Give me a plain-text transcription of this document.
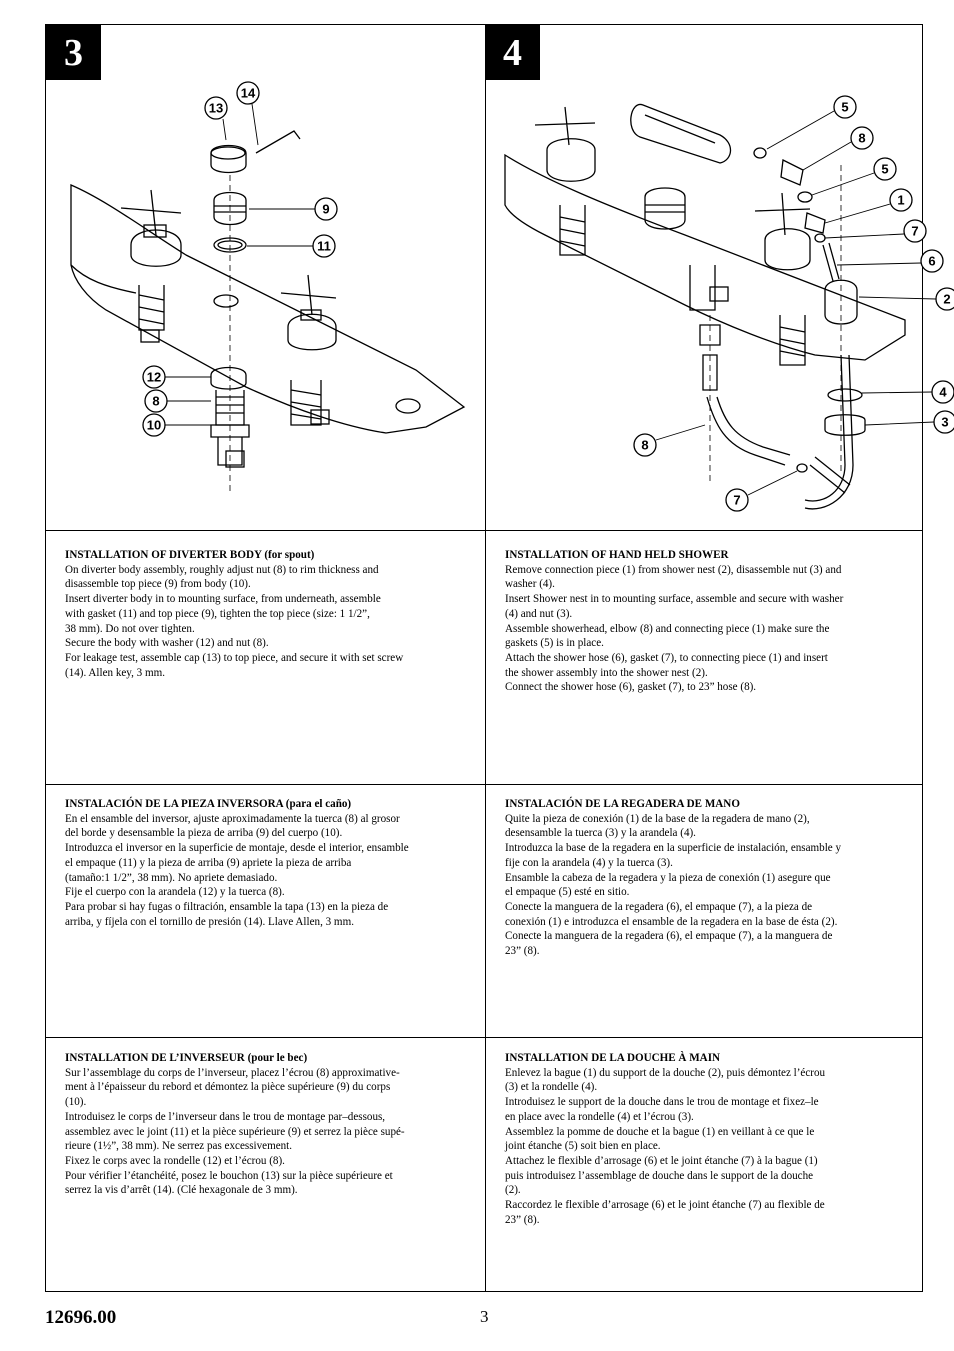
3	4
14
13
9
11
12
8
10
5
8
5
1
7
6
2
4
3
8
7

INSTALLATION OF DIVERTER BODY (for spout)

On diverter body assembly, roughly adjust nut (8) to rim thickness and

disassemble top piece (9) from body (10).

Insert diverter body in to mounting surface, from underneath, assemble

with gasket (11) and top piece (9), tighten the top piece (size: 1 1/2”,

38 mm). Do not over tighten.

Secure the body with washer (12) and nut (8).

For leakage test, assemble cap (13) to top piece, and secure it with set screw

(14). Allen key, 3 mm.

INSTALLATION OF HAND HELD SHOWER

Remove connection piece (1) from shower nest (2), disassemble nut (3) and

washer (4).

Insert Shower nest in to mounting surface, assemble and secure with washer

(4) and nut (3).

Assemble showerhead, elbow (8) and connecting piece (1) make sure the

gaskets (5) is in place.

Attach the shower hose (6), gasket (7), to connecting piece (1) and insert

the shower assembly into the shower nest (2).

Connect the shower hose (6), gasket (7), to 23” hose (8).

INSTALACIÓN DE LA PIEZA INVERSORA (para el caño)

En el ensamble del inversor, ajuste aproximadamente la tuerca (8) al grosor

del borde y desensamble la pieza de arriba (9) del cuerpo (10).

Introduzca el inversor en la superficie de montaje, desde el interior, ensamble

el empaque (11) y la pieza de arriba (9) apriete la pieza de arriba

(tamaño:1 1/2”, 38 mm). No apriete demasiado.

Fije el cuerpo con la arandela (12) y la tuerca (8).

Para probar si hay fugas o filtración, ensamble la tapa (13) en la pieza de

arriba, y fíjela con el tornillo de presión (14). Llave Allen, 3 mm.

INSTALACIÓN DE LA REGADERA DE MANO

Quite la pieza de conexión (1) de la base de la regadera de mano (2),

desensamble la tuerca (3) y la arandela (4).

Introduzca la base de la regadera en la superficie de instalación, ensamble y

fije con la arandela (4) y la tuerca (3).

Ensamble la cabeza de la regadera y la pieza de conexión (1) asegure que

el empaque (5) esté en sitio.

Conecte la manguera de la regadera (6), el empaque (7), a la pieza de

conexión (1) e introduzca el ensamble de la regadera en la base de ésta (2).

Conecte la manguera de la regadera (6), el empaque (7), a la manguera de

23” (8).

INSTALLATION DE L’INVERSEUR (pour le bec)

Sur l’assemblage du corps de l’inverseur, placez l’écrou (8) approximative-

ment à l’épaisseur du rebord et démontez la pièce supérieure (9) du corps

(10).

Introduisez le corps de l’inverseur dans le trou de montage par–dessous,

assemblez avec le joint (11) et la pièce supérieure (9) et serrez la pièce supé-

rieure (1½”, 38 mm). Ne serrez pas excessivement.

Fixez le corps avec la rondelle (12) et l’écrou (8).

Pour vérifier l’étanchéité, posez le bouchon (13) sur la pièce supérieure et

serrez la vis d’arrêt (14). (Clé hexagonale de 3 mm).

INSTALLATION DE LA DOUCHE À MAIN

Enlevez la bague (1) du support de la douche (2), puis démontez l’écrou

(3) et la rondelle (4).

Introduisez le support de la douche dans le trou de montage et fixez–le

en place avec la rondelle (4) et l’écrou (3).

Assemblez la pomme de douche et la bague (1) en veillant à ce que le

joint étanche (5) soit bien en place.

Attachez le flexible d’arrosage (6) et le joint étanche (7) à la bague (1)

puis introduisez l’assemblage de douche dans le support de la douche

(2).

Raccordez le flexible d’arrosage (6) et le joint étanche (7) au flexible de

23” (8).

12696.00	3
